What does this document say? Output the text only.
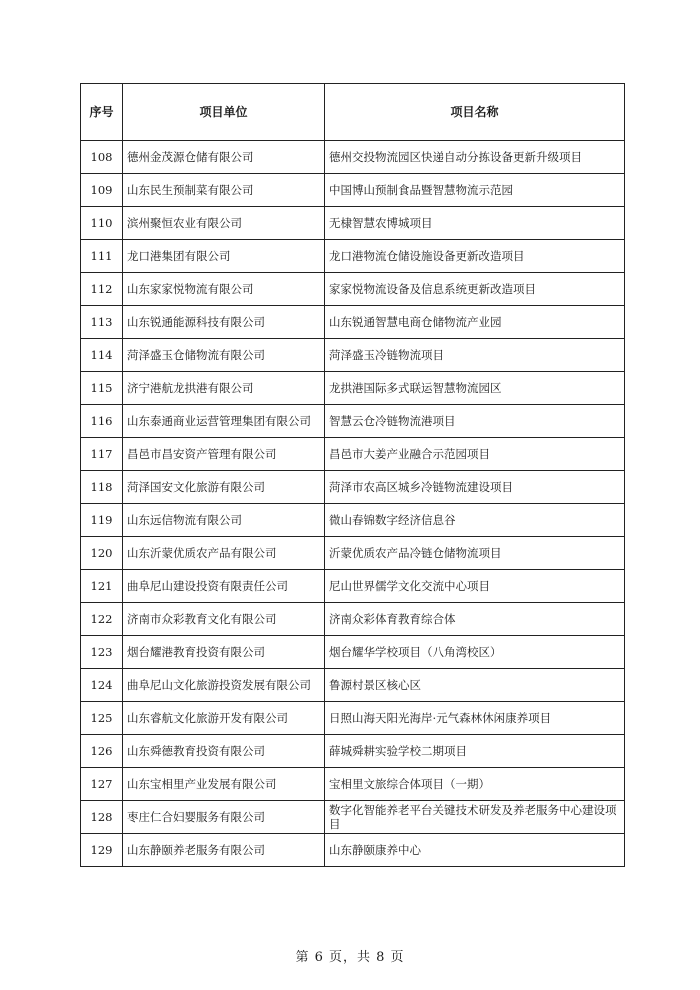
序号	项目单位	项目名称
108	德州金茂源仓储有限公司	德州交投物流园区快递自动分拣设备更新升级项目
109	山东民生预制菜有限公司	中国博山预制食品暨智慧物流示范园
110	滨州聚恒农业有限公司	无棣智慧农博城项目
111	龙口港集团有限公司	龙口港物流仓储设施设备更新改造项目
112	山东家家悦物流有限公司	家家悦物流设备及信息系统更新改造项目
113	山东锐通能源科技有限公司	山东锐通智慧电商仓储物流产业园
114	菏泽盛玉仓储物流有限公司	菏泽盛玉冷链物流项目
115	济宁港航龙拱港有限公司	龙拱港国际多式联运智慧物流园区
116	山东泰通商业运营管理集团有限公司	智慧云仓冷链物流港项目
117	昌邑市昌安资产管理有限公司	昌邑市大姜产业融合示范园项目
118	菏泽国安文化旅游有限公司	菏泽市农高区城乡冷链物流建设项目
119	山东远信物流有限公司	微山春锦数字经济信息谷
120	山东沂蒙优质农产品有限公司	沂蒙优质农产品冷链仓储物流项目
121	曲阜尼山建设投资有限责任公司	尼山世界儒学文化交流中心项目
122	济南市众彩教育文化有限公司	济南众彩体育教育综合体
123	烟台耀港教育投资有限公司	烟台耀华学校项目（八角湾校区）
124	曲阜尼山文化旅游投资发展有限公司	鲁源村景区核心区
125	山东睿航文化旅游开发有限公司	日照山海天阳光海岸·元气森林休闲康养项目
126	山东舜德教育投资有限公司	薛城舜耕实验学校二期项目
127	山东宝相里产业发展有限公司	宝相里文旅综合体项目（一期）
128	枣庄仁合妇婴服务有限公司	数字化智能养老平台关键技术研发及养老服务中心建设项目
129	山东静颐养老服务有限公司	山东静颐康养中心
第 6 页，共 8 页
